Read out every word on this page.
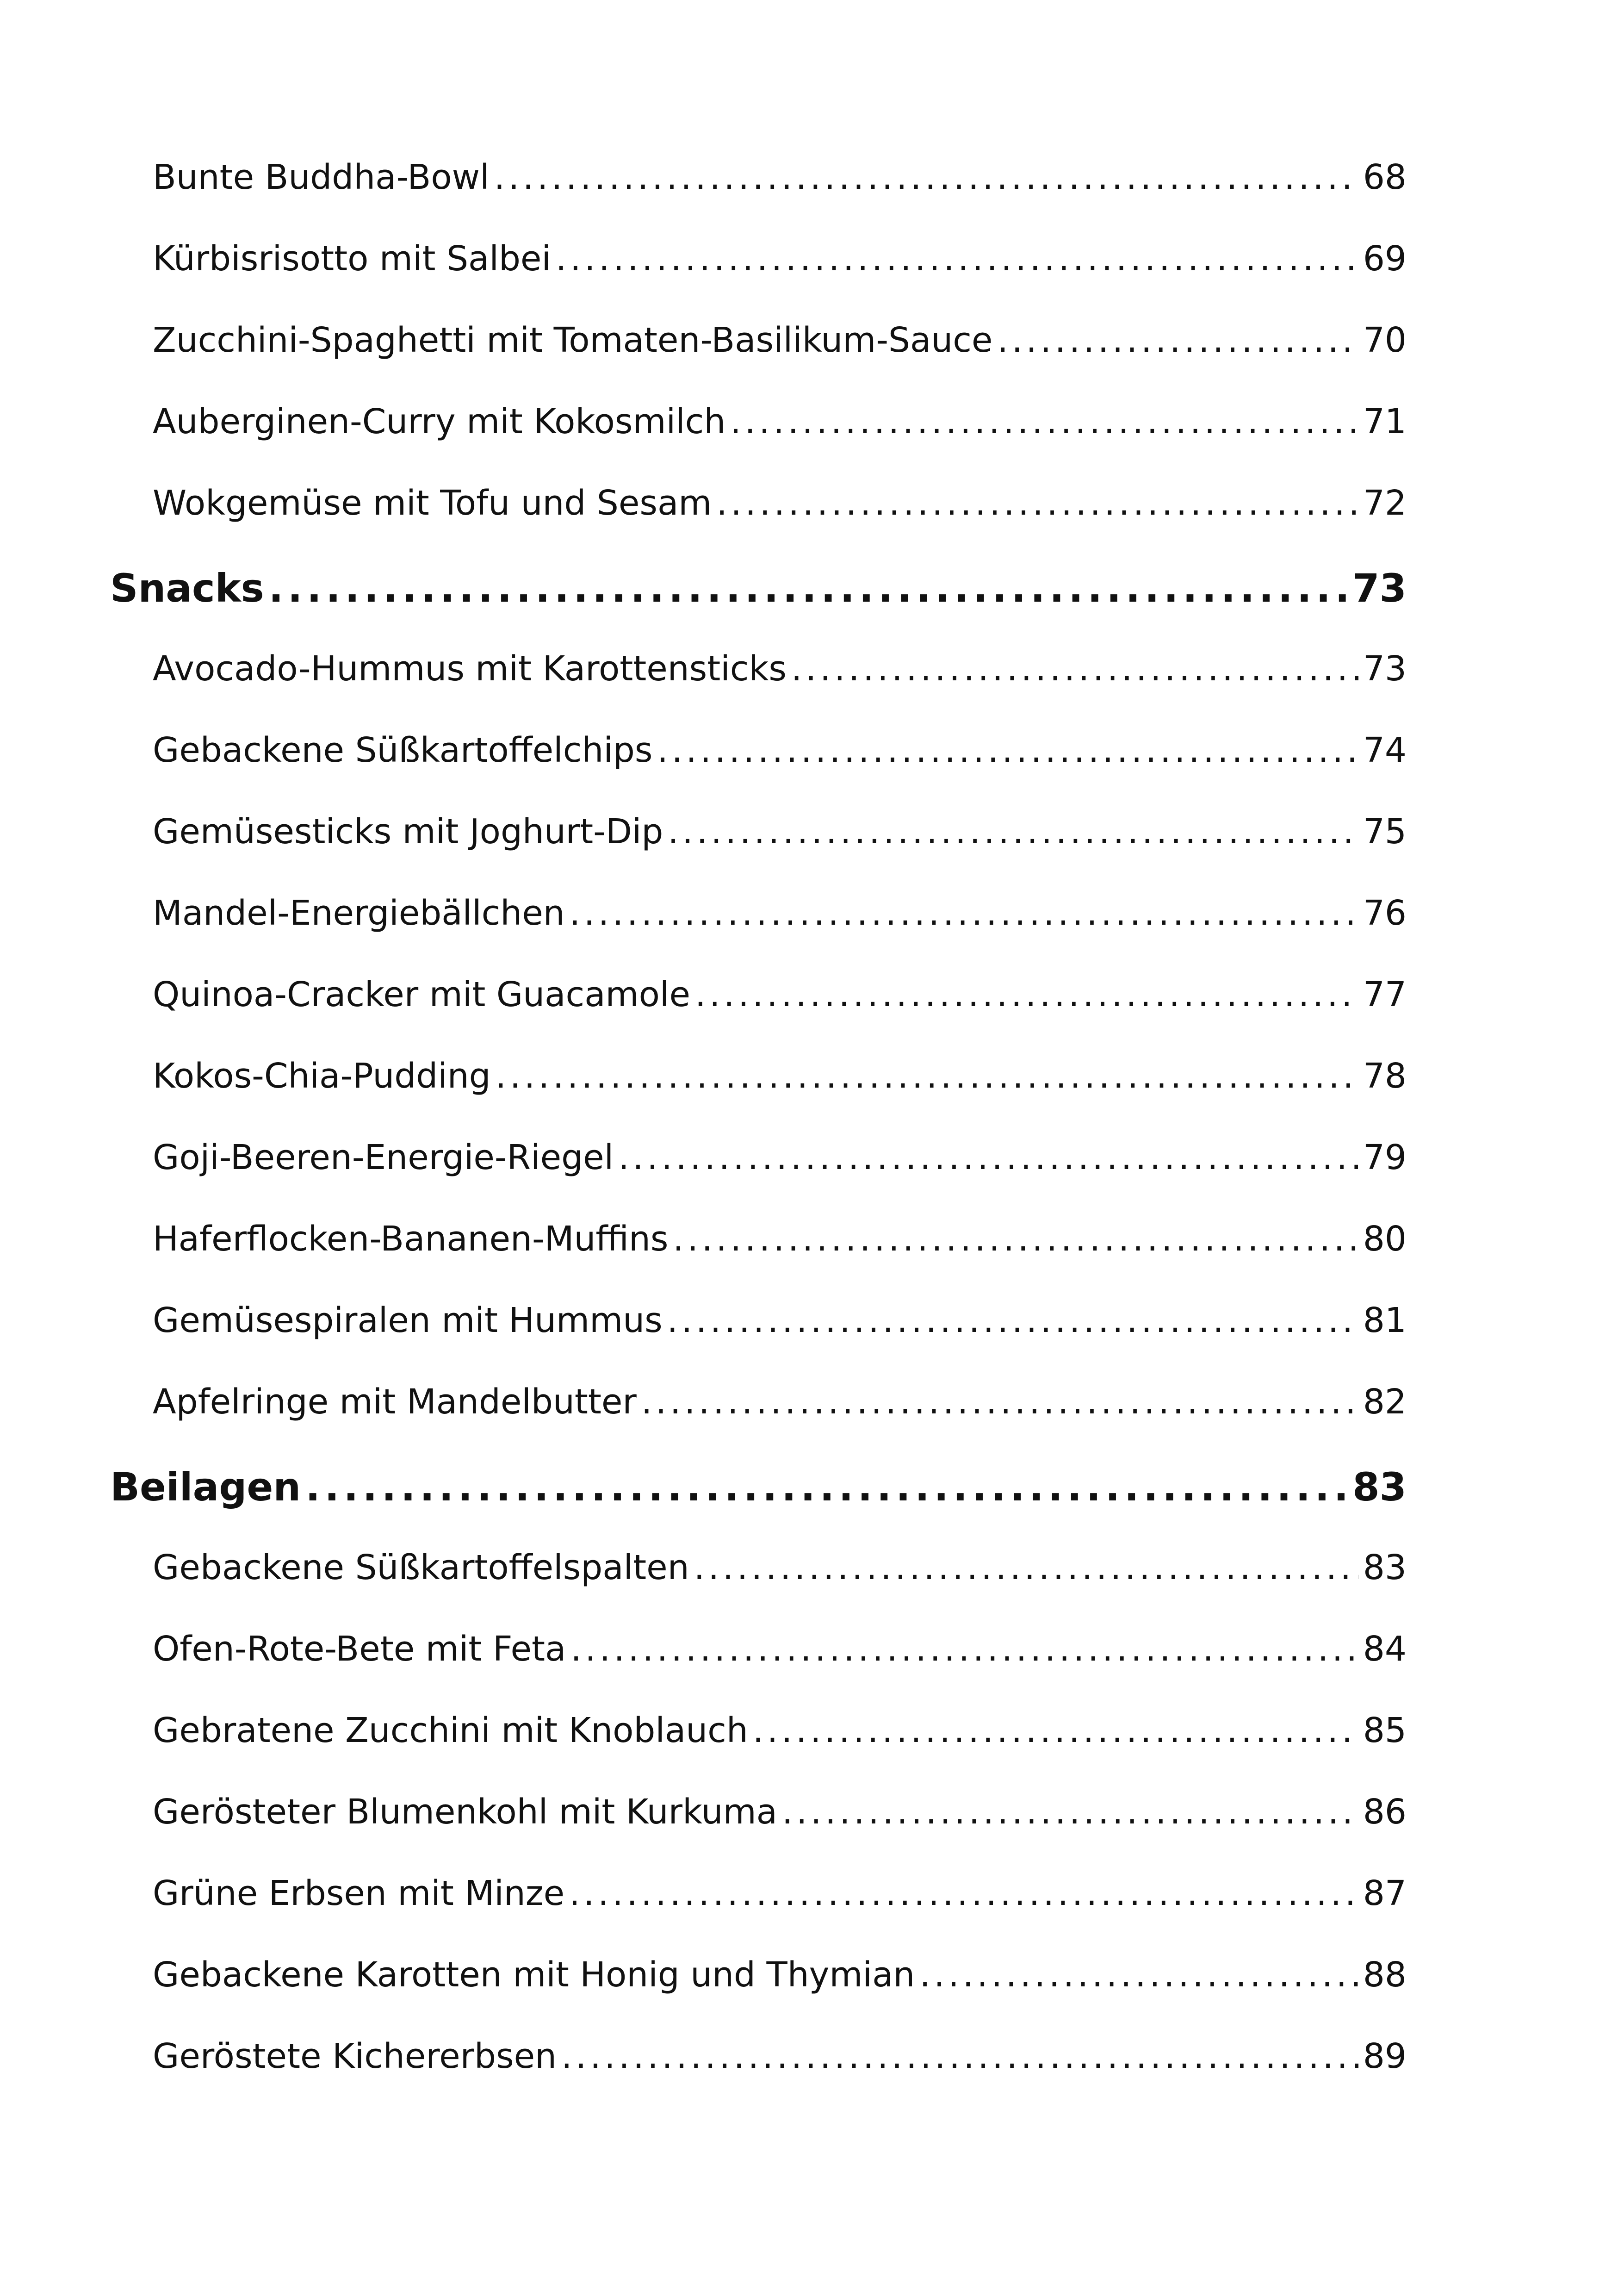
Bunte Buddha-Bowl . . .	68
Kürbisrisotto mit Salbei . . .	69
Zucchini-Spaghetti mit Tomaten-Basilikum-Sauce . . .	70
Auberginen-Curry mit Kokosmilch . . .	71
Wokgemüse mit Tofu und Sesam . . .	72
Snacks . . .	73
Avocado-Hummus mit Karottensticks . . .	73
Gebackene Süßkartoffelchips . . .	74
Gemüsesticks mit Joghurt-Dip . . .	75
Mandel-Energiebällchen . . .	76
Quinoa-Cracker mit Guacamole . . .	77
Kokos-Chia-Pudding . . .	78
Goji-Beeren-Energie-Riegel . . .	79
Haferflocken-Bananen-Muffins . . .	80
Gemüsespiralen mit Hummus . . .	81
Apfelringe mit Mandelbutter . . .	82
Beilagen . . .	83
Gebackene Süßkartoffelspalten . . .	83
Ofen-Rote-Bete mit Feta . . .	84
Gebratene Zucchini mit Knoblauch . . .	85
Gerösteter Blumenkohl mit Kurkuma . . .	86
Grüne Erbsen mit Minze . . .	87
Gebackene Karotten mit Honig und Thymian . . .	88
Geröstete Kichererbsen . . .	89
